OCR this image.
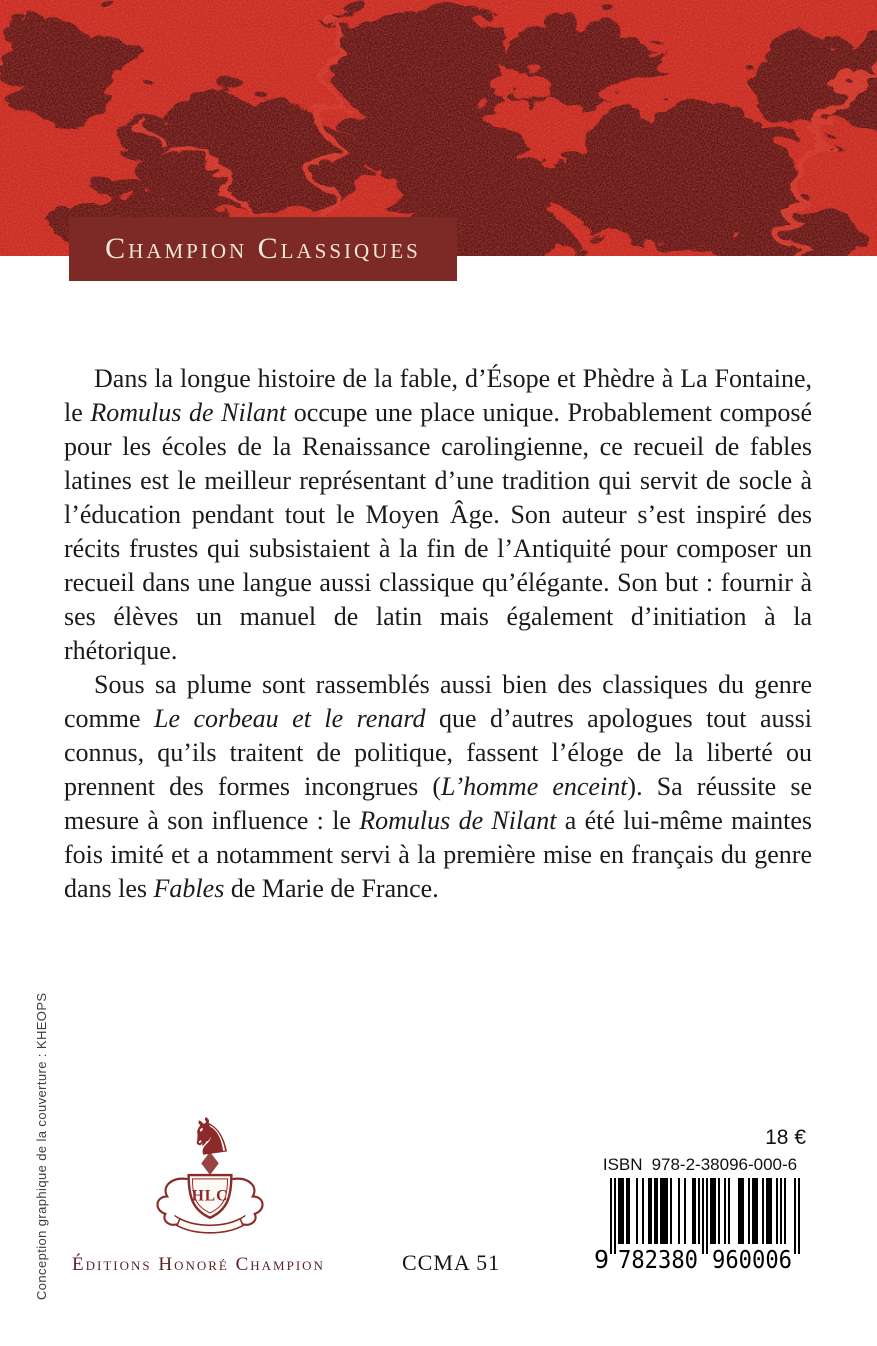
Champion Classiques

Dans la longue histoire de la fable, d’Ésope et Phèdre à La Fontaine, le Romulus de Nilant occupe une place unique. Probablement composé pour les écoles de la Renaissance carolingienne, ce recueil de fables latines est le meilleur représentant d’une tradition qui servit de socle à l’éducation pendant tout le Moyen Âge. Son auteur s’est inspiré des récits frustes qui subsistaient à la fin de l’Antiquité pour composer un recueil dans une langue aussi classique qu’élégante. Son but : fournir à ses élèves un manuel de latin mais également d’initiation à la rhétorique.

Sous sa plume sont rassemblés aussi bien des classiques du genre comme Le corbeau et le renard que d’autres apologues tout aussi connus, qu’ils traitent de politique, fassent l’éloge de la liberté ou prennent des formes incongrues (L’homme enceint). Sa réussite se mesure à son influence : le Romulus de Nilant a été lui-même maintes fois imité et a notamment servi à la première mise en français du genre dans les Fables de Marie de France.

Conception graphique de la couverture : KHEOPS	HLC
♞
Éditions Honoré Champion	CCMA 51
18 €
ISBN 978-2-38096-000-6
9 782380 960006
